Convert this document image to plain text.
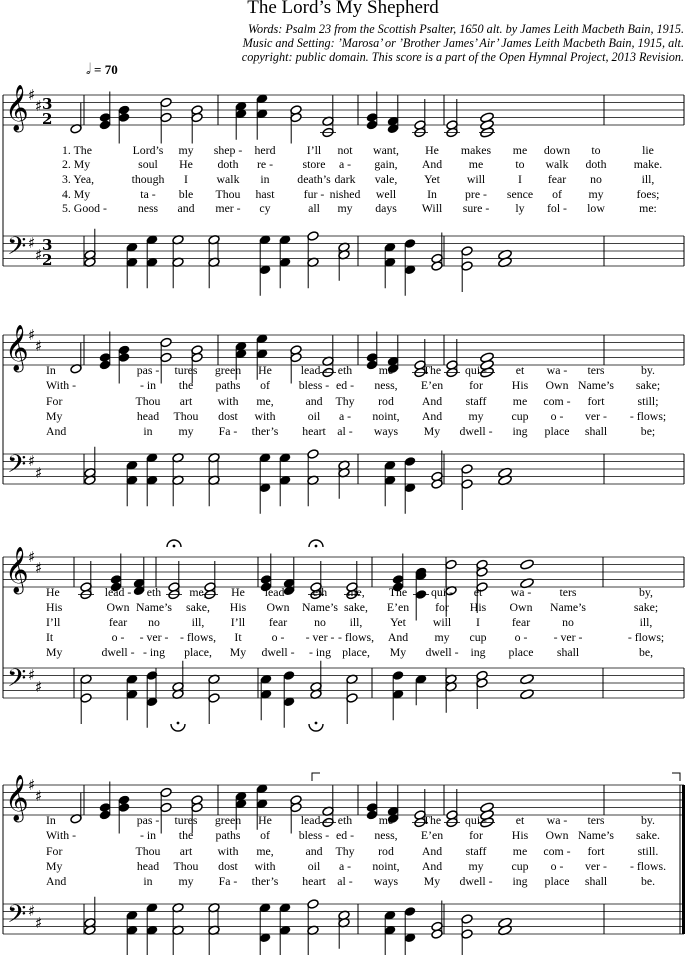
The Lord’s My Shepherd
Words: Psalm 23 from the Scottish Psalter, 1650 alt. by James Leith Macbeth Bain, 1915.
Music and Setting: ’Marosa’ or ’Brother James’ Air’ James Leith Macbeth Bain, 1915, alt.
copyright: public domain. This score is a part of the Open Hymnal Project, 2013 Revision.
𝅗𝅥 = 70
𝄞
𝄢
♯
♯
♯
♯
3
2
3
2
𝄞
𝄢
♯
♯
♯
♯
𝄞
𝄢
♯
♯
♯
♯
𝄞
𝄢
♯
♯
♯
♯
1. The	Lord’s my shep - herd	I’ll not want, He makes me down to	lie
2. My	soul He doth re -	store a - gain, And me	to walk doth make.
3. Yea,	though I walk in death’s dark vale, Yet will	I fear no	ill,
4. My	ta - ble Thou hast fur - nished well	In pre - sence of my	foes;
5. Good -	ness and mer - cy	all my days Will sure - ly fol - low	me:
In	pas - tures green He lead - eth me	The qui - et wa - ters	by.
With -	- in the paths of bless - ed - ness, E’en for His Own Name’s sake;
For	Thou art with me,	and Thy rod And staff me com - fort	still;
My	head Thou dost with	oil a - noint, And my cup o - ver - - flows;
And	in my Fa - ther’s heart al - ways My dwell - ing place shall	be;
He	lead - eth me, He lead - eth me, The qui - et wa - ters	by,
His	Own Name’s sake, His Own Name’s sake, E’en for His Own Name’s	sake;
I’ll	fear no	ill, I’ll fear no ill, Yet will I	fear	no	ill,
It	o - - ver - - flows, It	o - - ver - - flows, And my cup o - - ver -	- flows;
My	dwell - - ing place, My dwell - - ing place, My dwell - ing place shall	be,
In	pas - tures green He lead - eth me	The qui - et wa - ters	by.
With -	- in the paths of bless - ed - ness, E’en for His Own Name’s sake.
For	Thou art with me,	and Thy rod And staff me com - fort	still.
My	head Thou dost with	oil a - noint, And my cup o - ver - - flows.
And	in my Fa - ther’s heart al - ways My dwell - ing place shall	be.
